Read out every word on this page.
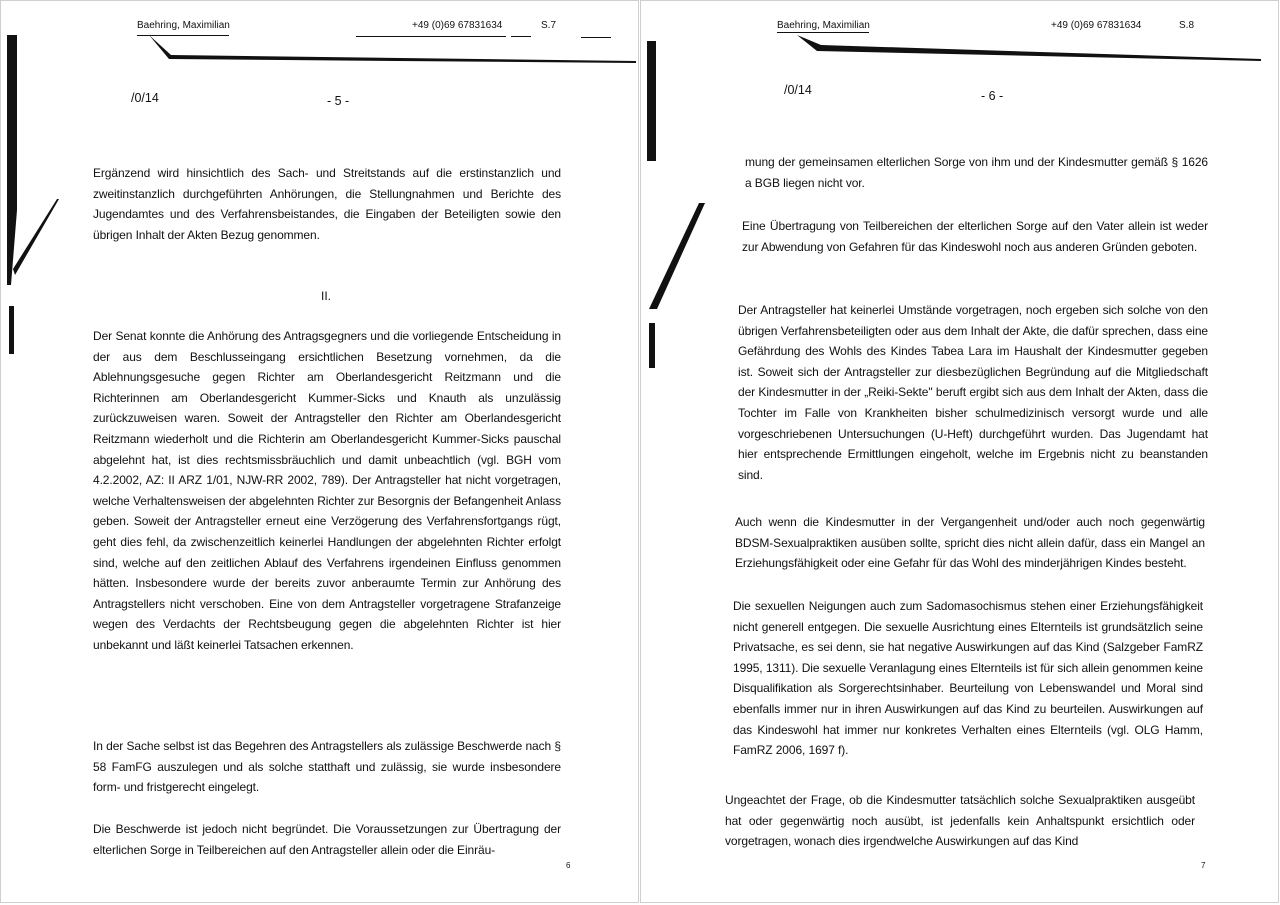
Baehring, Maximilian	+49 (0)69 67831634	S.7
/0/14	- 5 -

Ergänzend wird hinsichtlich des Sach- und Streitstands auf die erstinstanzlich und zweitinstanzlich durchgeführten Anhörungen, die Stellungnahmen und Berichte des Jugendamtes und des Verfahrensbeistandes, die Eingaben der Beteiligten sowie den übrigen Inhalt der Akten Bezug genommen.

II.

Der Senat konnte die Anhörung des Antragsgegners und die vorliegende Entscheidung in der aus dem Beschlusseingang ersichtlichen Besetzung vornehmen, da die Ablehnungsgesuche gegen Richter am Oberlandesgericht Reitzmann und die Richterinnen am Oberlandesgericht Kummer-Sicks und Knauth als unzulässig zurückzuweisen waren. Soweit der Antragsteller den Richter am Oberlandesgericht Reitzmann wiederholt und die Richterin am Oberlandesgericht Kummer-Sicks pauschal abgelehnt hat, ist dies rechtsmissbräuchlich und damit unbeachtlich (vgl. BGH vom 4.2.2002, AZ: II ARZ 1/01, NJW-RR 2002, 789). Der Antragsteller hat nicht vorgetragen, welche Verhaltensweisen der abgelehnten Richter zur Besorgnis der Befangenheit Anlass geben. Soweit der Antragsteller erneut eine Verzögerung des Verfahrensfortgangs rügt, geht dies fehl, da zwischenzeitlich keinerlei Handlungen der abgelehnten Richter erfolgt sind, welche auf den zeitlichen Ablauf des Verfahrens irgendeinen Einfluss genommen hätten. Insbesondere wurde der bereits zuvor anberaumte Termin zur Anhörung des Antragstellers nicht verschoben. Eine von dem Antragsteller vorgetragene Strafanzeige wegen des Verdachts der Rechtsbeugung gegen die abgelehnten Richter ist hier unbekannt und läßt keinerlei Tatsachen erkennen.

In der Sache selbst ist das Begehren des Antragstellers als zulässige Beschwerde nach § 58 FamFG auszulegen und als solche statthaft und zulässig, sie wurde insbesondere form- und fristgerecht eingelegt.

Die Beschwerde ist jedoch nicht begründet. Die Voraussetzungen zur Übertragung der elterlichen Sorge in Teilbereichen auf den Antragsteller allein oder die Einräu-

6
Baehring, Maximilian	+49 (0)69 67831634	S.8
/0/14	- 6 -
7

mung der gemeinsamen elterlichen Sorge von ihm und der Kindesmutter gemäß § 1626 a BGB liegen nicht vor.

Eine Übertragung von Teilbereichen der elterlichen Sorge auf den Vater allein ist weder zur Abwendung von Gefahren für das Kindeswohl noch aus anderen Gründen geboten.

Der Antragsteller hat keinerlei Umstände vorgetragen, noch ergeben sich solche von den übrigen Verfahrensbeteiligten oder aus dem Inhalt der Akte, die dafür sprechen, dass eine Gefährdung des Wohls des Kindes Tabea Lara im Haushalt der Kindesmutter gegeben ist. Soweit sich der Antragsteller zur diesbezüglichen Begründung auf die Mitgliedschaft der Kindesmutter in der „Reiki-Sekte" beruft ergibt sich aus dem Inhalt der Akten, dass die Tochter im Falle von Krankheiten bisher schulmedizinisch versorgt wurde und alle vorgeschriebenen Untersuchungen (U-Heft) durchgeführt wurden. Das Jugendamt hat hier entsprechende Ermittlungen eingeholt, welche im Ergebnis nicht zu beanstanden sind.

Auch wenn die Kindesmutter in der Vergangenheit und/oder auch noch gegenwärtig BDSM-Sexualpraktiken ausüben sollte, spricht dies nicht allein dafür, dass ein Mangel an Erziehungsfähigkeit oder eine Gefahr für das Wohl des minderjährigen Kindes besteht.

Die sexuellen Neigungen auch zum Sadomasochismus stehen einer Erziehungsfähigkeit nicht generell entgegen. Die sexuelle Ausrichtung eines Elternteils ist grundsätzlich seine Privatsache, es sei denn, sie hat negative Auswirkungen auf das Kind (Salzgeber FamRZ 1995, 1311). Die sexuelle Veranlagung eines Elternteils ist für sich allein genommen keine Disqualifikation als Sorgerechtsinhaber. Beurteilung von Lebenswandel und Moral sind ebenfalls immer nur in ihren Auswirkungen auf das Kind zu beurteilen. Auswirkungen auf das Kindeswohl hat immer nur konkretes Verhalten eines Elternteils (vgl. OLG Hamm, FamRZ 2006, 1697 f).

Ungeachtet der Frage, ob die Kindesmutter tatsächlich solche Sexualpraktiken ausgeübt hat oder gegenwärtig noch ausübt, ist jedenfalls kein Anhaltspunkt ersichtlich oder vorgetragen, wonach dies irgendwelche Auswirkungen auf das Kind
